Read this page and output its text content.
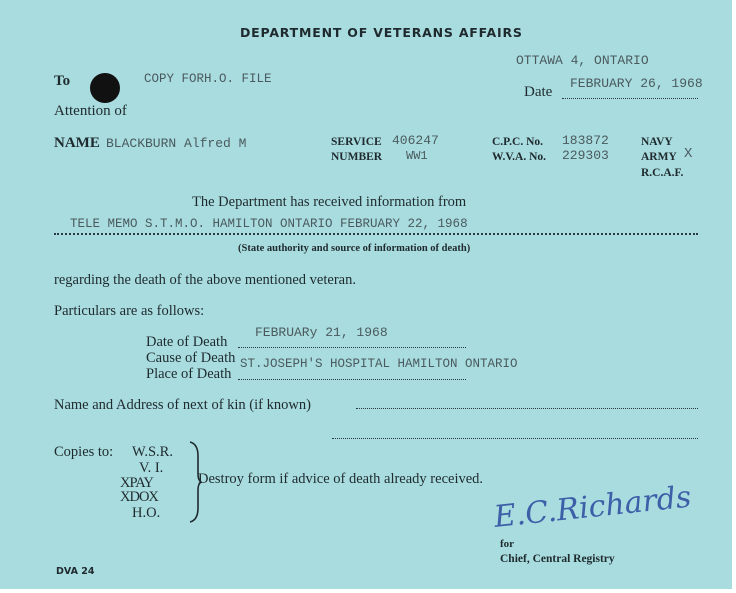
DEPARTMENT OF VETERANS AFFAIRS
OTTAWA 4, ONTARIO
Date
FEBRUARY 26, 1968
To	COPY FORH.O. FILE
Attention of
NAME BLACKBURN Alfred M	SERVICE
NUMBER
406247
WW1
C.P.C. No. 183872
W.V.A. No. 229303
NAVY
ARMY X
R.C.A.F.
The Department has received information from
TELE MEMO S.T.M.O. HAMILTON ONTARIO FEBRUARY 22, 1968
(State authority and source of information of death)
regarding the death of the above mentioned veteran.
Particulars are as follows:
Date of Death
FEBRUARy 21, 1968
Cause of Death
Place of Death
ST.JOSEPH'S HOSPITAL HAMILTON ONTARIO
Name and Address of next of kin (if known)
Copies to: W.S.R.
V. I.
XPAY
XDOX
H.O.
Destroy form if advice of death already received.
E.C.Richards
for
Chief, Central Registry
DVA 24
